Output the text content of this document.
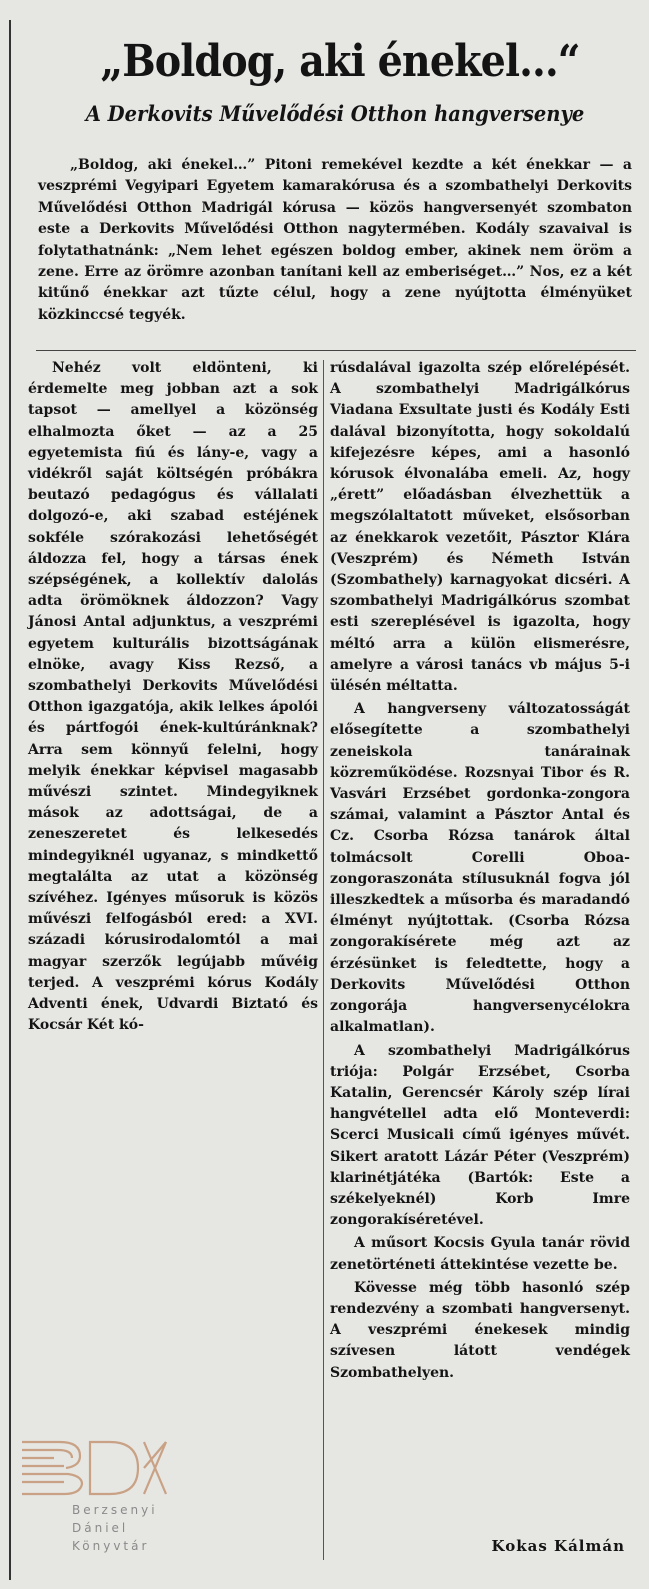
„Boldog, aki énekel…“
A Derkovits Művelődési Otthon hangversenye
„Boldog, aki énekel…” Pitoni remekével kezdte a két énekkar — a veszprémi Vegyipari Egyetem kamarakórusa és a szombathelyi Derkovits Művelődési Otthon Madrigál kórusa — közös hangversenyét szombaton este a Derkovits Művelődési Otthon nagytermében. Kodály szavaival is folytathatnánk: „Nem lehet egészen boldog ember, akinek nem öröm a zene. Erre az örömre azonban tanítani kell az emberiséget…” Nos, ez a két kitűnő énekkar azt tűzte célul, hogy a zene nyújtotta élményüket közkinccsé tegyék.

Nehéz volt eldönteni, ki érdemelte meg jobban azt a sok tapsot — amellyel a közönség elhalmozta őket — az a 25 egyetemista fiú és lány-e, vagy a vidékről saját költségén próbákra beutazó pedagógus és vállalati dolgozó-e, aki szabad estéjének sokféle szórakozási lehetőségét áldozza fel, hogy a társas ének szépségének, a kollektív dalolás adta örömöknek áldozzon? Vagy Jánosi Antal adjunktus, a veszprémi egyetem kulturális bizottságának elnöke, avagy Kiss Rezső, a szombathelyi Derkovits Művelődési Otthon igazgatója, akik lelkes ápolói és pártfogói ének-kultúránknak? Arra sem könnyű felelni, hogy melyik énekkar képvisel magasabb művészi szintet. Mindegyiknek mások az adottságai, de a zeneszeretet és lelkesedés mindegyiknél ugyanaz, s mindkettő megtalálta az utat a közönség szívéhez. Igényes műsoruk is közös művészi felfogásból ered: a XVI. századi kórusirodalomtól a mai magyar szerzők legújabb művéig terjed. A veszprémi kórus Kodály Adventi ének, Udvardi Biztató és Kocsár Két kó-

rúsdalával igazolta szép előrelépését. A szombathelyi Madrigálkórus Viadana Exsultate justi és Kodály Esti dalával bizonyította, hogy sokoldalú kifejezésre képes, ami a hasonló kórusok élvonalába emeli. Az, hogy „érett” előadásban élvezhettük a megszólaltatott műveket, elsősorban az énekkarok vezetőit, Pásztor Klára (Veszprém) és Németh István (Szombathely) karnagyokat dicséri. A szombathelyi Madrigálkórus szombat esti szereplésével is igazolta, hogy méltó arra a külön elismerésre, amelyre a városi tanács vb május 5-i ülésén méltatta.

A hangverseny változatosságát elősegítette a szombathelyi zeneiskola tanárainak közreműködése. Rozsnyai Tibor és R. Vasvári Erzsébet gordonka-zongora számai, valamint a Pásztor Antal és Cz. Csorba Rózsa tanárok által tolmácsolt Corelli Oboa-zongoraszonáta stílusuknál fogva jól illeszkedtek a műsorba és maradandó élményt nyújtottak. (Csorba Rózsa zongorakísérete még azt az érzésünket is feledtette, hogy a Derkovits Művelődési Otthon zongorája hangversenycélokra alkalmatlan).

A szombathelyi Madrigálkórus triója: Polgár Erzsébet, Csorba Katalin, Gerencsér Károly szép lírai hangvétellel adta elő Monteverdi: Scerci Musicali című igényes művét. Sikert aratott Lázár Péter (Veszprém) klarinétjátéka (Bartók: Este a székelyeknél) Korb Imre zongorakíséretével.

A műsort Kocsis Gyula tanár rövid zenetörténeti áttekintése vezette be.

Kövesse még több hasonló szép rendezvény a szombati hangversenyt. A veszprémi énekesek mindig szívesen látott vendégek Szombathelyen.

Kokas Kálmán
Berzsenyi
Dániel
Könyvtár
